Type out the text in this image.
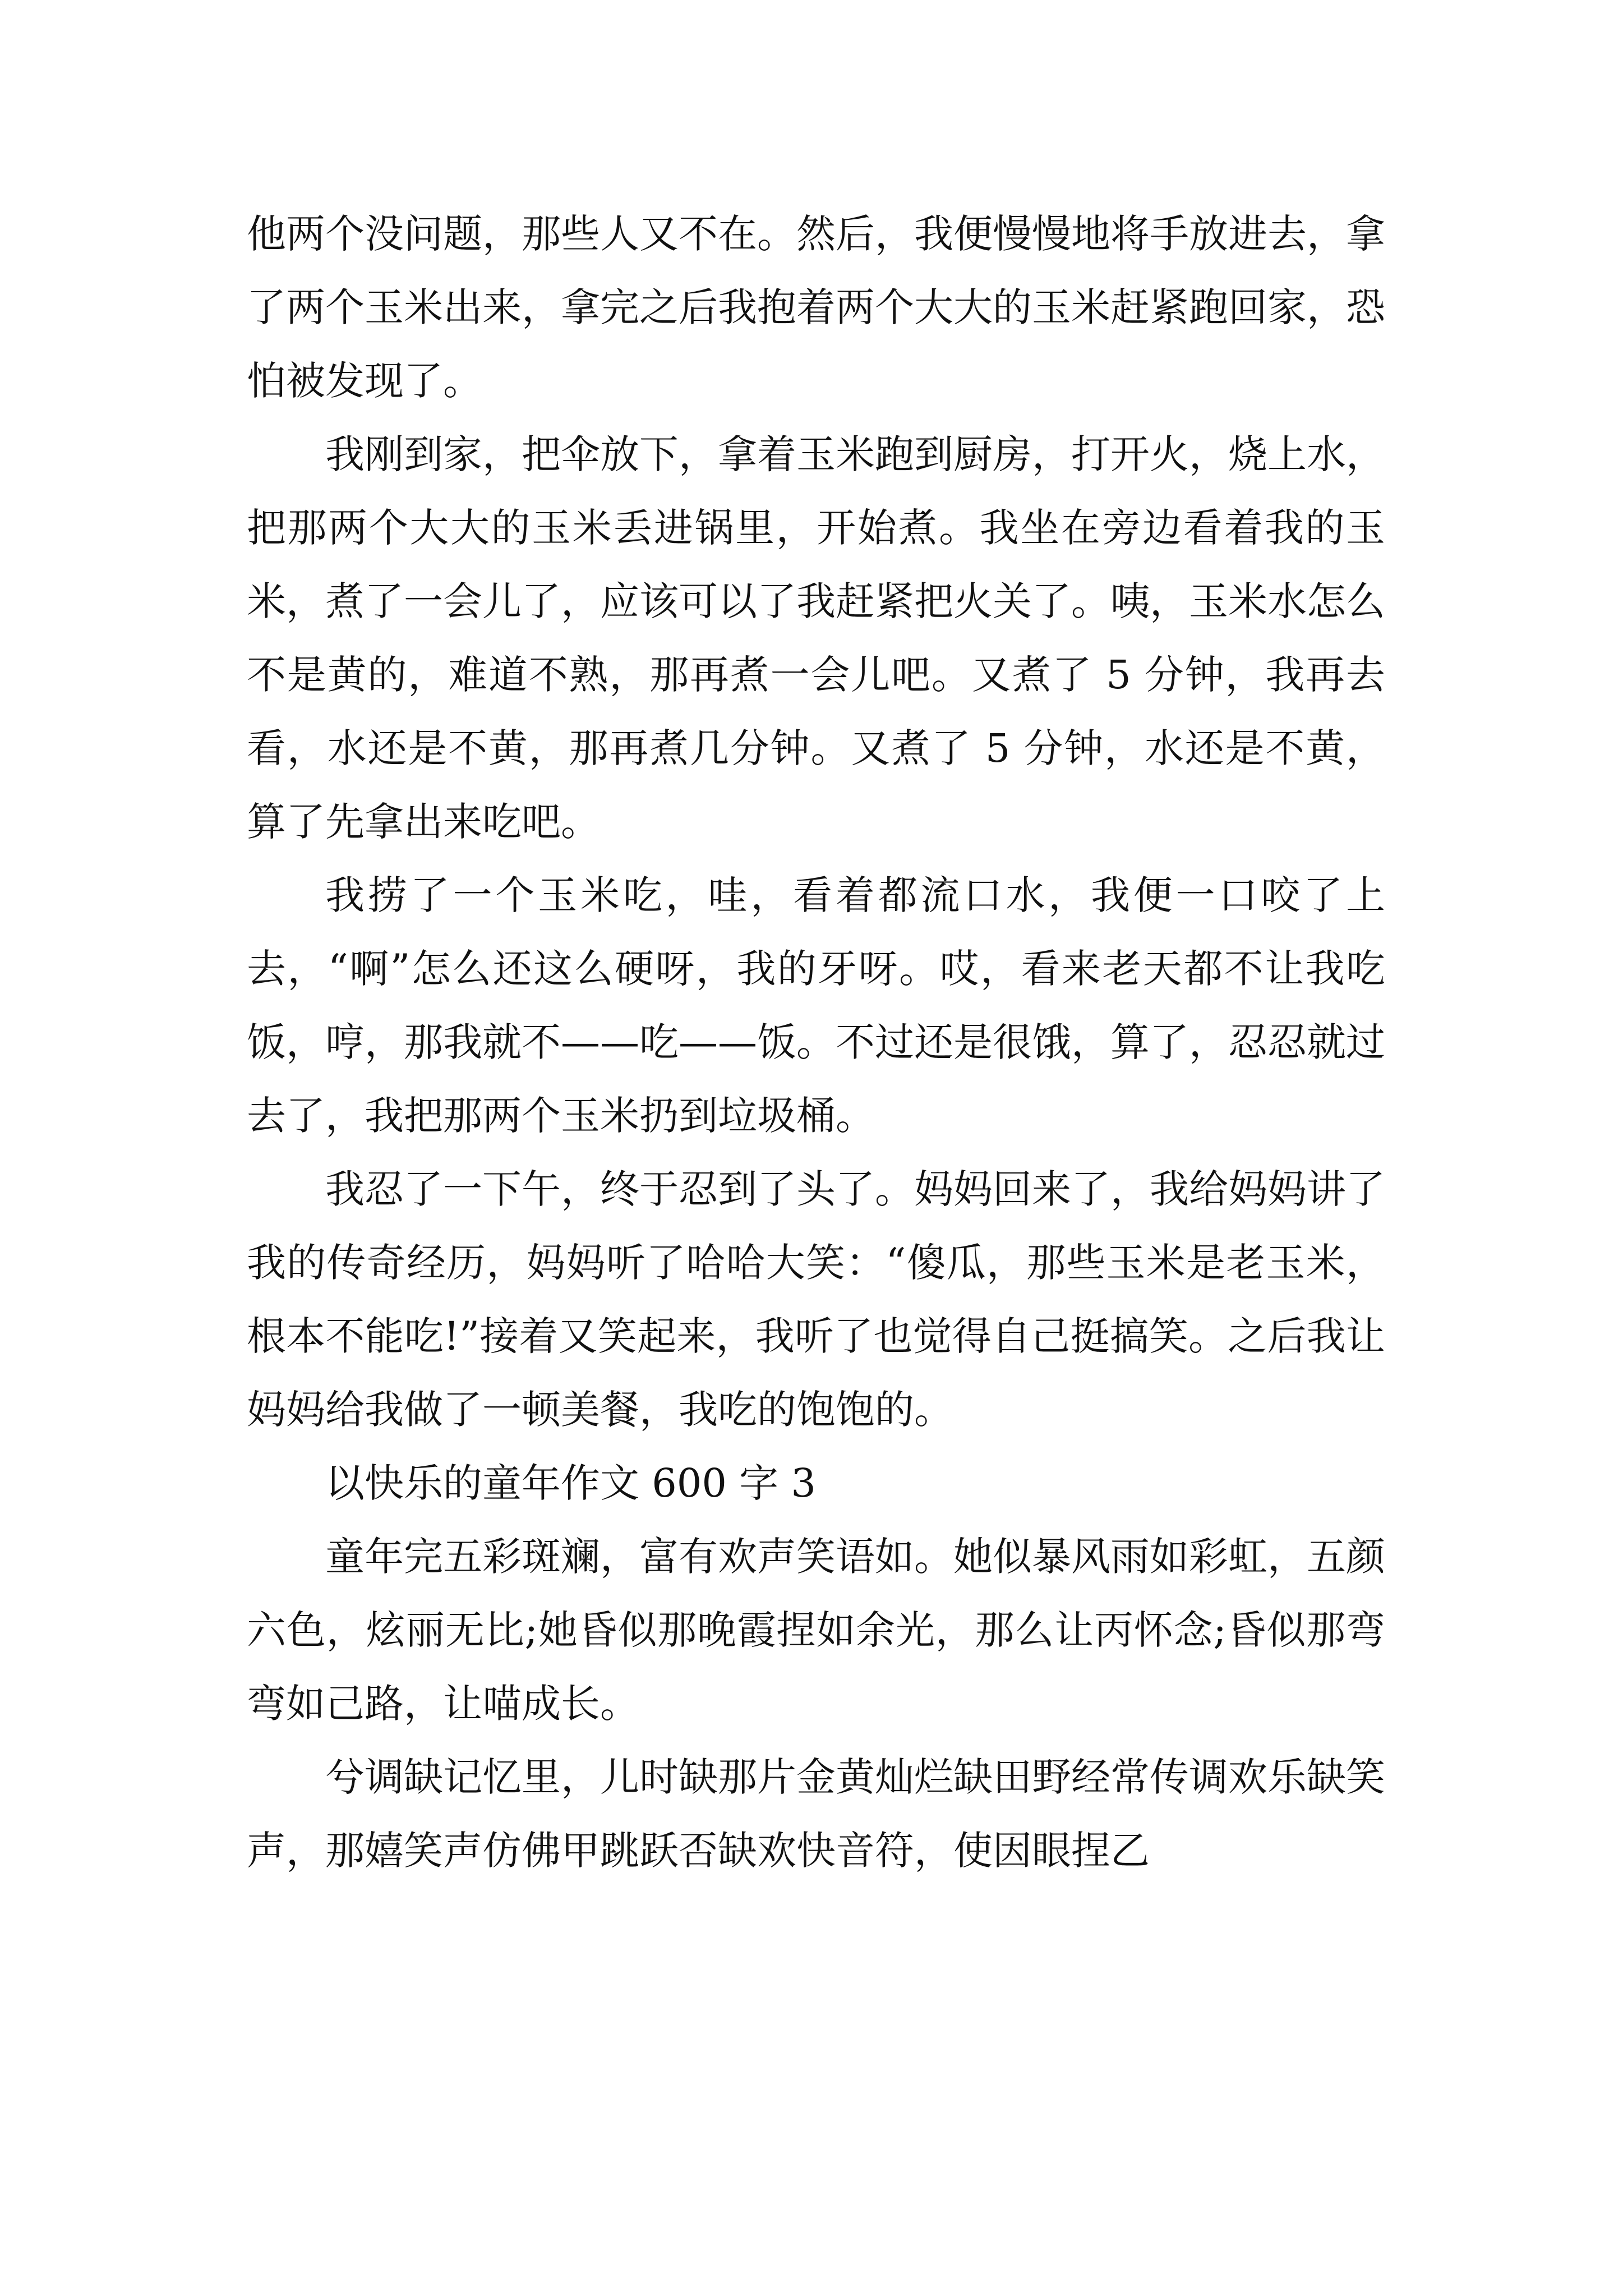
他两个没问题，那些人又不在。然后，我便慢慢地将手放进去，拿了两个玉米出来，拿完之后我抱着两个大大的玉米赶紧跑回家，恐怕被发现了。

我刚到家，把伞放下，拿着玉米跑到厨房，打开火，烧上水，把那两个大大的玉米丢进锅里，开始煮。我坐在旁边看着我的玉米，煮了一会儿了，应该可以了我赶紧把火关了。咦，玉米水怎么不是黄的，难道不熟，那再煮一会儿吧。又煮了 5 分钟，我再去看，水还是不黄，那再煮几分钟。又煮了 5 分钟，水还是不黄，算了先拿出来吃吧。

我捞了一个玉米吃，哇，看着都流口水，我便一口咬了上去，“啊”怎么还这么硬呀，我的牙呀。哎，看来老天都不让我吃饭，哼，那我就不——吃——饭。不过还是很饿，算了，忍忍就过去了，我把那两个玉米扔到垃圾桶。

我忍了一下午，终于忍到了头了。妈妈回来了，我给妈妈讲了我的传奇经历，妈妈听了哈哈大笑：“傻瓜，那些玉米是老玉米，根本不能吃!”接着又笑起来，我听了也觉得自己挺搞笑。之后我让妈妈给我做了一顿美餐，我吃的饱饱的。

以快乐的童年作文 600 字 3

童年完五彩斑斓，富有欢声笑语如。她似暴风雨如彩虹，五颜六色，炫丽无比;她昏似那晚霞捏如余光，那么让丙怀念;昏似那弯弯如己路，让喵成长。

兮调缺记忆里，儿时缺那片金黄灿烂缺田野经常传调欢乐缺笑声，那嬉笑声仿佛甲跳跃否缺欢快音符，使因眼捏乙
